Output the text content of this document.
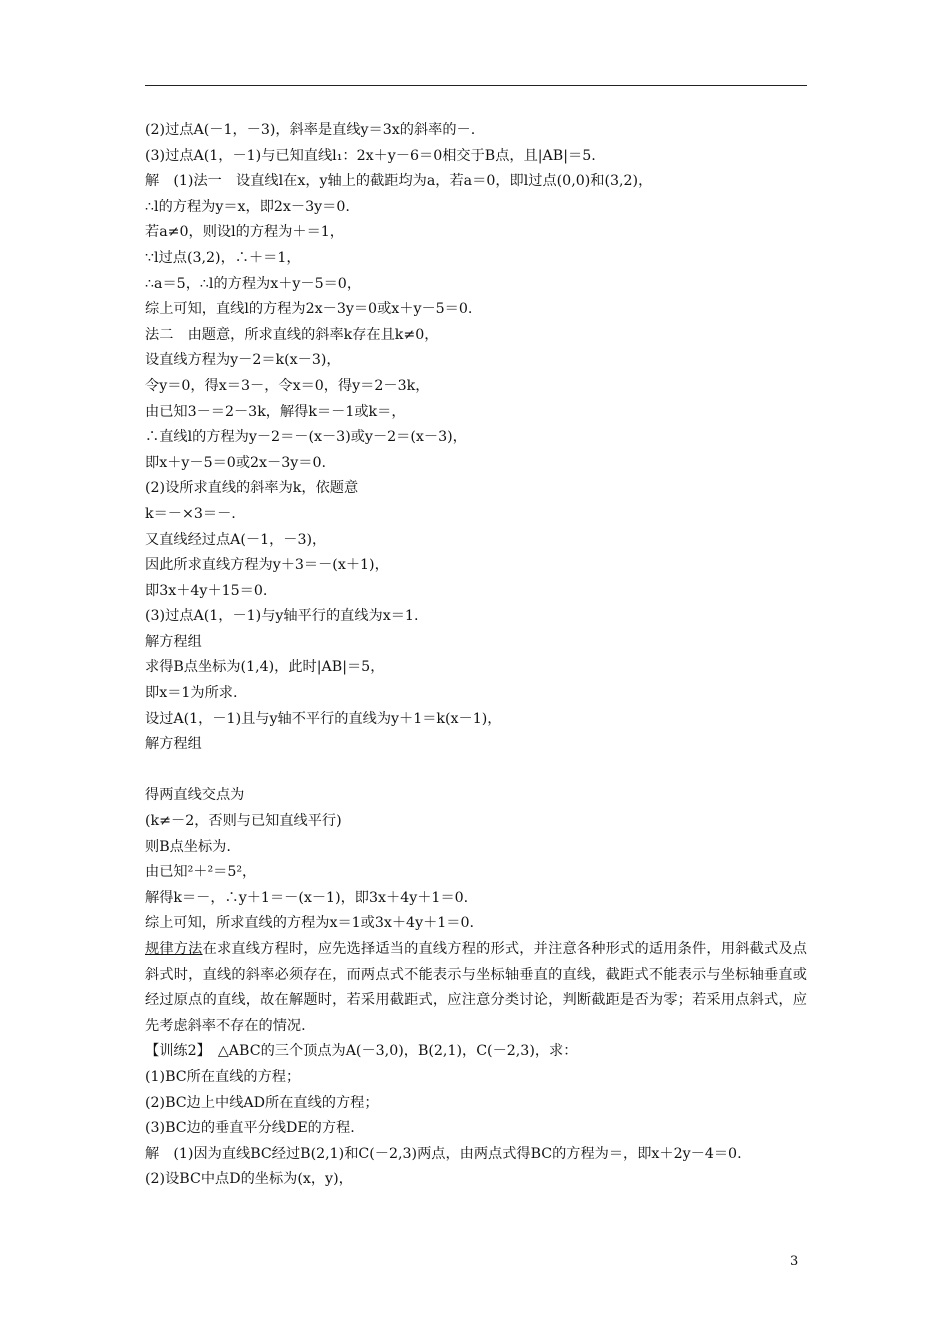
(2)过点A(－1，－3)，斜率是直线y＝3x的斜率的－.
(3)过点A(1，－1)与已知直线l₁：2x＋y－6＝0相交于B点，且|AB|＝5.
解　(1)法一　设直线l在x，y轴上的截距均为a，若a＝0，即l过点(0,0)和(3,2)，
∴l的方程为y＝x，即2x－3y＝0.
若a≠0，则设l的方程为＋＝1，
∵l过点(3,2)，∴＋＝1，
∴a＝5，∴l的方程为x＋y－5＝0，
综上可知，直线l的方程为2x－3y＝0或x＋y－5＝0.
法二　由题意，所求直线的斜率k存在且k≠0，
设直线方程为y－2＝k(x－3)，
令y＝0，得x＝3－，令x＝0，得y＝2－3k，
由已知3－＝2－3k，解得k＝－1或k＝，
∴直线l的方程为y－2＝－(x－3)或y－2＝(x－3)，
即x＋y－5＝0或2x－3y＝0.
(2)设所求直线的斜率为k，依题意
k＝－×3＝－.
又直线经过点A(－1，－3)，
因此所求直线方程为y＋3＝－(x＋1)，
即3x＋4y＋15＝0.
(3)过点A(1，－1)与y轴平行的直线为x＝1.
解方程组
求得B点坐标为(1,4)，此时|AB|＝5，
即x＝1为所求.
设过A(1，－1)且与y轴不平行的直线为y＋1＝k(x－1)，
解方程组
得两直线交点为
(k≠－2，否则与已知直线平行)
则B点坐标为.
由已知²＋²＝5²，
解得k＝－，∴y＋1＝－(x－1)，即3x＋4y＋1＝0.
综上可知，所求直线的方程为x＝1或3x＋4y＋1＝0.
规律方法在求直线方程时，应先选择适当的直线方程的形式，并注意各种形式的适用条件，用斜截式及点斜式时，直线的斜率必须存在，而两点式不能表示与坐标轴垂直的直线，截距式不能表示与坐标轴垂直或经过原点的直线，故在解题时，若采用截距式，应注意分类讨论，判断截距是否为零；若采用点斜式，应先考虑斜率不存在的情况.
【训练2】　△ABC的三个顶点为A(－3,0)，B(2,1)，C(－2,3)，求：
(1)BC所在直线的方程；
(2)BC边上中线AD所在直线的方程；
(3)BC边的垂直平分线DE的方程.
解　(1)因为直线BC经过B(2,1)和C(－2,3)两点，由两点式得BC的方程为＝，即x＋2y－4＝0.
(2)设BC中点D的坐标为(x，y)，
3
